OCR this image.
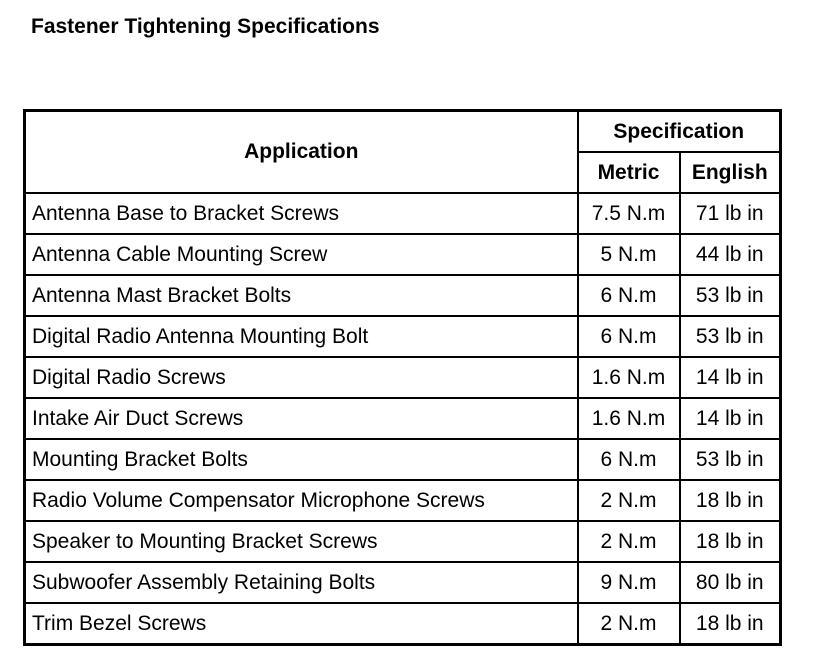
Fastener Tightening Specifications
Application	Specification	
	Metric	English
Antenna Base to Bracket Screws	7.5 N.m	71 lb in
Antenna Cable Mounting Screw	5 N.m	44 lb in
Antenna Mast Bracket Bolts	6 N.m	53 lb in
Digital Radio Antenna Mounting Bolt	6 N.m	53 lb in
Digital Radio Screws	1.6 N.m	14 lb in
Intake Air Duct Screws	1.6 N.m	14 lb in
Mounting Bracket Bolts	6 N.m	53 lb in
Radio Volume Compensator Microphone Screws	2 N.m	18 lb in
Speaker to Mounting Bracket Screws	2 N.m	18 lb in
Subwoofer Assembly Retaining Bolts	9 N.m	80 lb in
Trim Bezel Screws	2 N.m	18 lb in
